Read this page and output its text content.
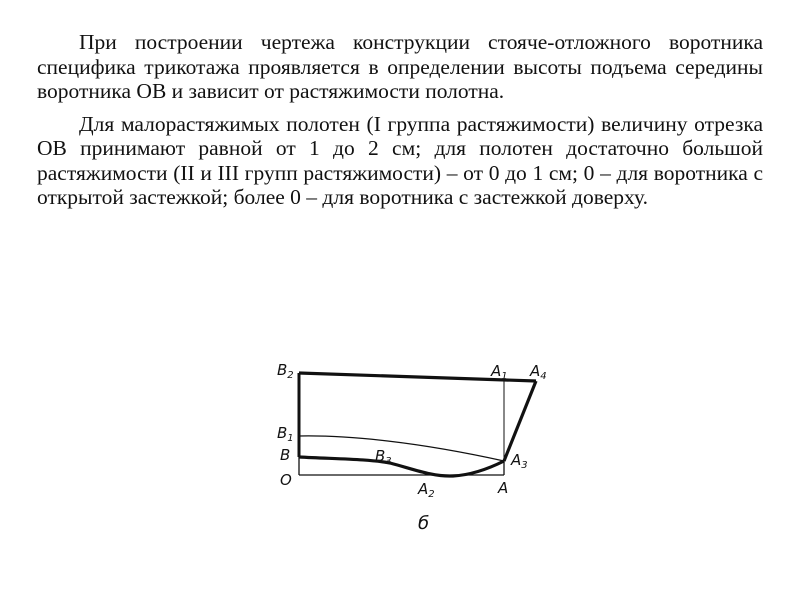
При построении чертежа конструкции стояче-отложного воротника специфика трикотажа проявляется в определении высоты подъема середины воротника ОВ и зависит от растяжимости полотна.

Для малорастяжимых полотен (I группа растяжимости) величину отрезка ОВ принимают равной от 1 до 2 см; для полотен достаточно большой растяжимости (II и III групп растяжимости) – от 0 до 1 см; 0 – для воротника с открытой застежкой; более 0 – для воротника с застежкой доверху.

$В_2$	$А_1$ $А_4$
$В_1$
В	$В_3$	$А_3$
О	$А_2$	А
б
